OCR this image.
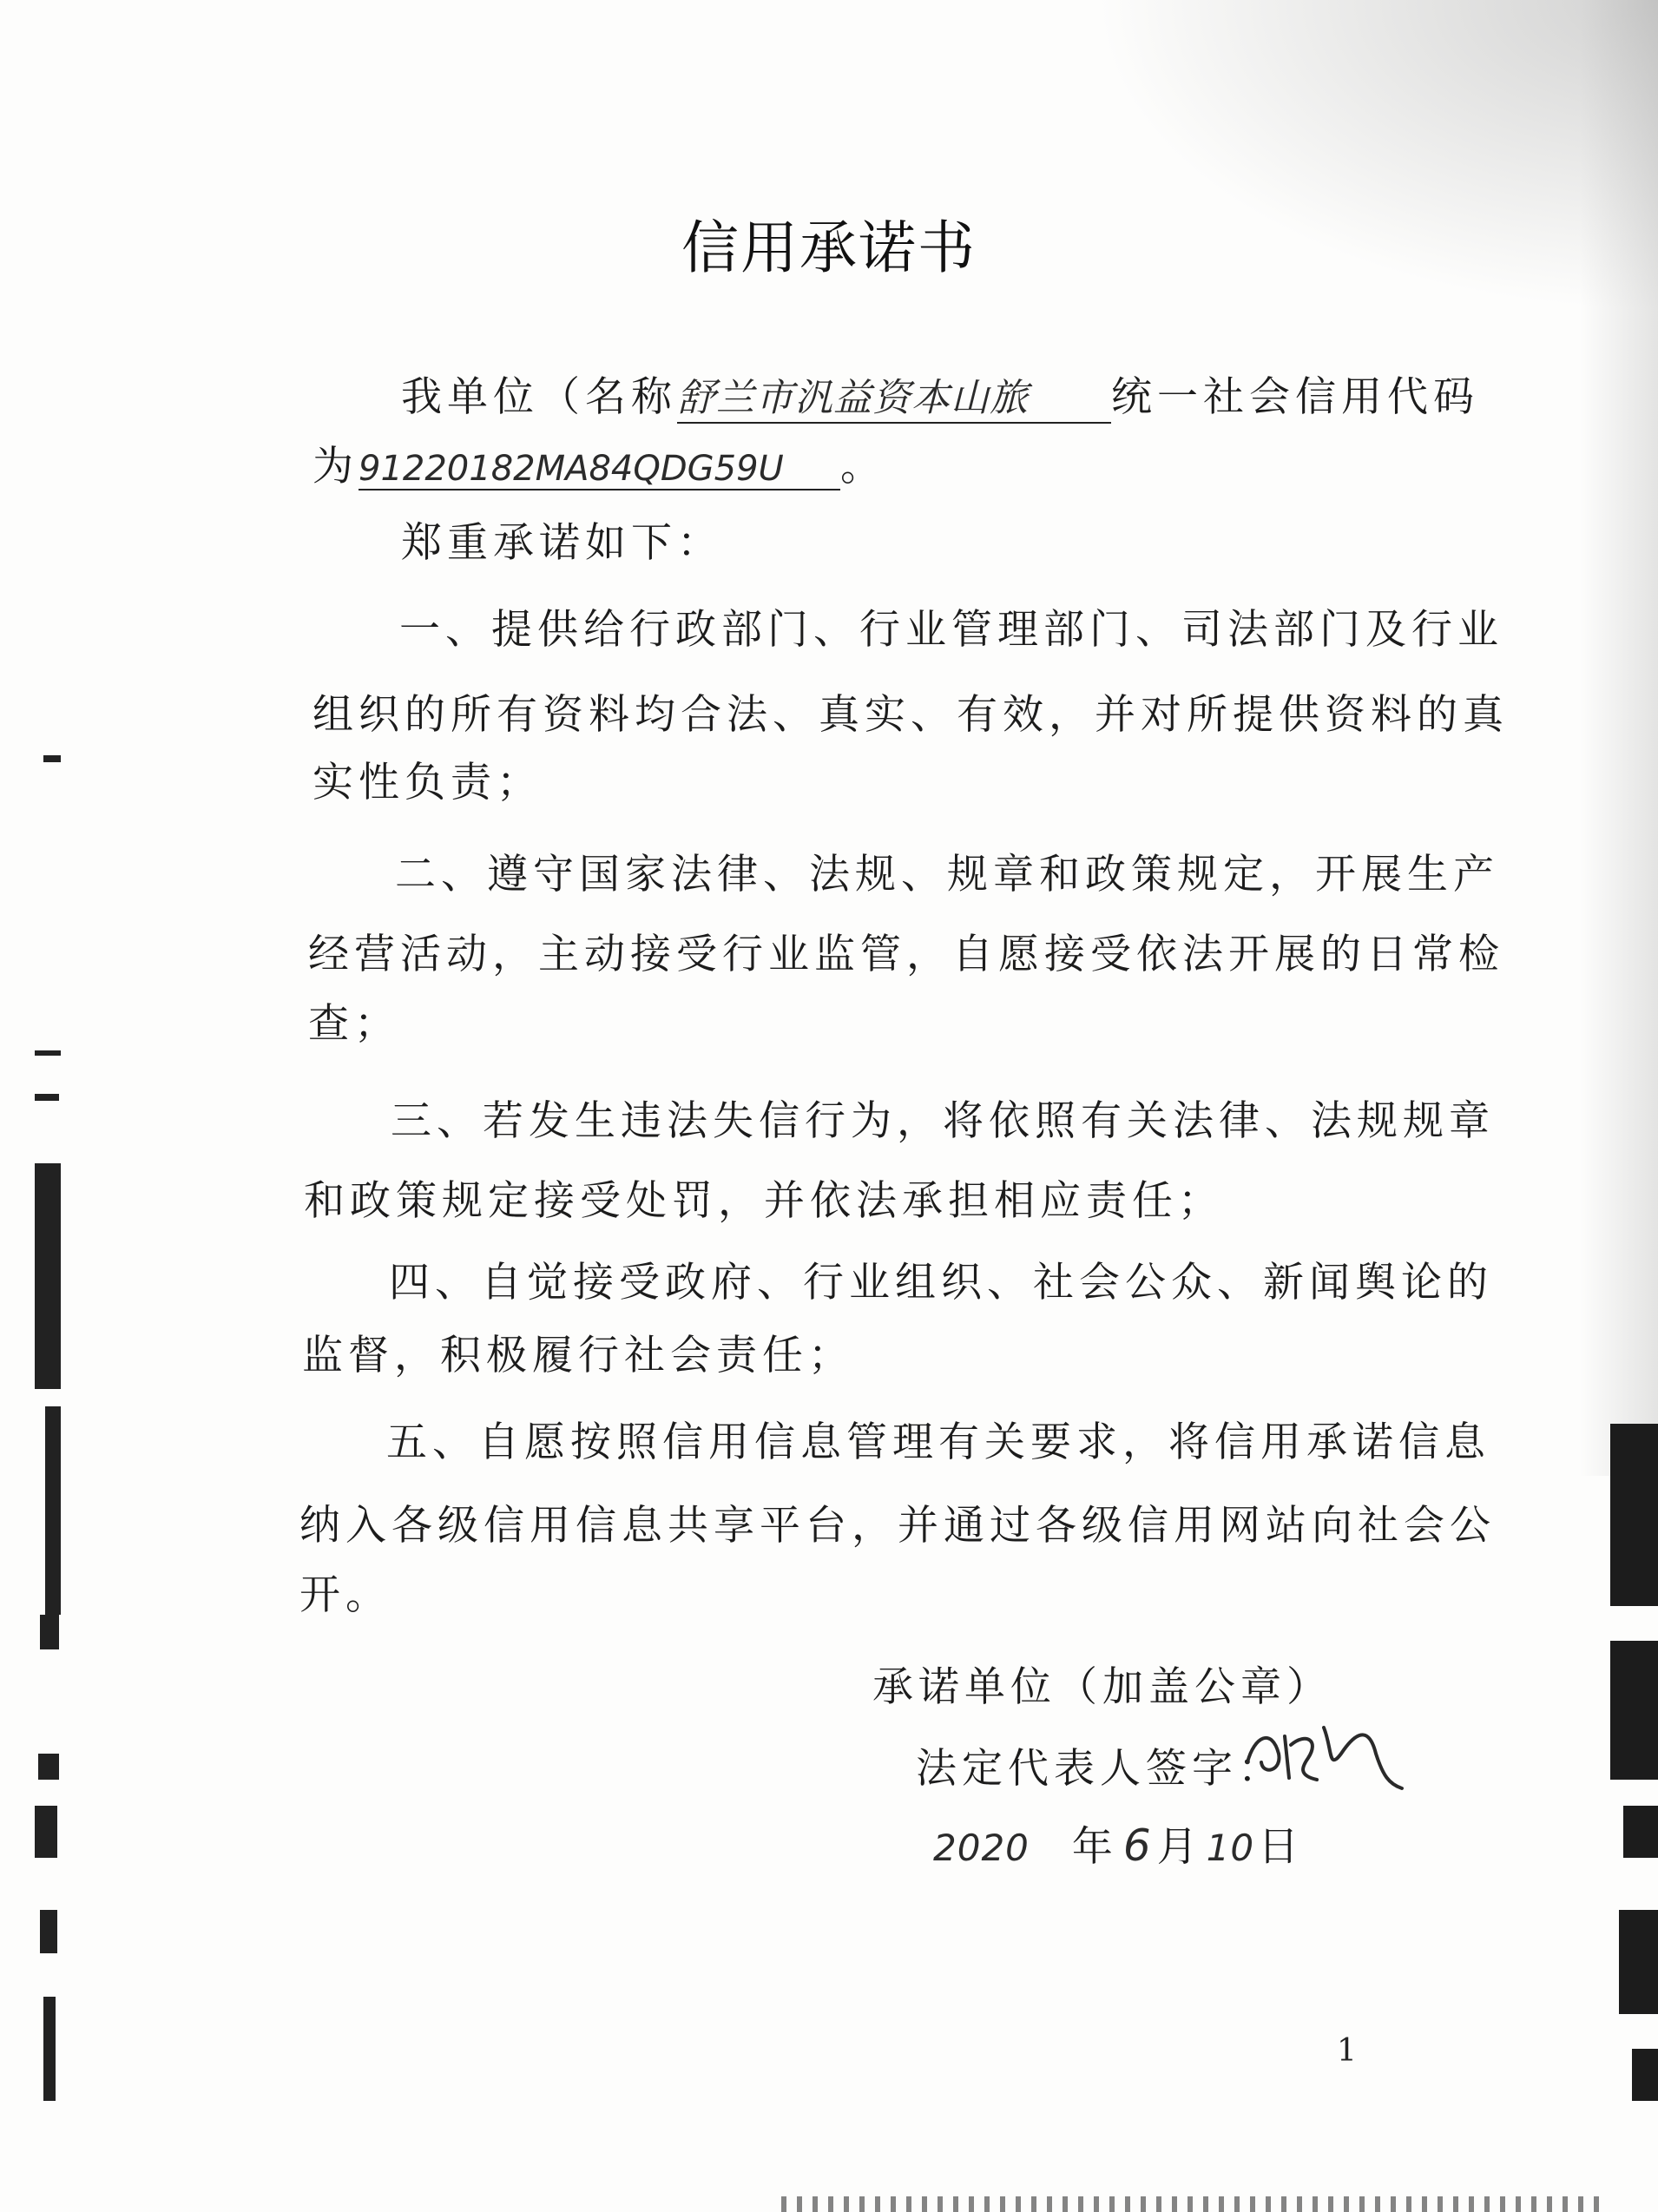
信用承诺书
我单位（名称舒兰市汎益资本山旅 统一社会信用代码
为91220182MA84QDG59U 。
郑重承诺如下：
一、提供给行政部门、行业管理部门、司法部门及行业
组织的所有资料均合法、真实、有效，并对所提供资料的真
实性负责；
二、遵守国家法律、法规、规章和政策规定，开展生产
经营活动，主动接受行业监管，自愿接受依法开展的日常检
查；
三、若发生违法失信行为，将依照有关法律、法规规章
和政策规定接受处罚，并依法承担相应责任；
四、自觉接受政府、行业组织、社会公众、新闻舆论的
监督，积极履行社会责任；
五、自愿按照信用信息管理有关要求，将信用承诺信息
纳入各级信用信息共享平台，并通过各级信用网站向社会公
开。
承诺单位（加盖公章）
法定代表人签字：
2020 年 6 月10日
1
